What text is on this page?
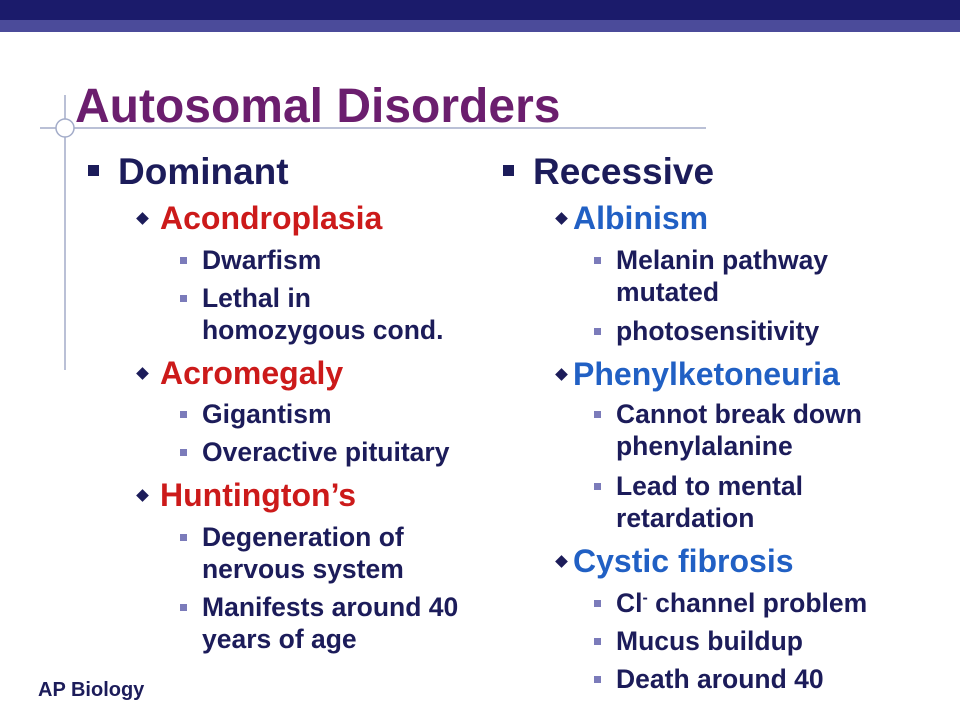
Autosomal Disorders
Dominant
Acondroplasia
Dwarfism
Lethal in homozygous cond.
Acromegaly
Gigantism
Overactive pituitary
Huntington’s
Degeneration of nervous system
Manifests around 40 years of age
Recessive
Albinism
Melanin pathway mutated
photosensitivity
Phenylketoneuria
Cannot break down phenylalanine
Lead to mental retardation
Cystic fibrosis
Cl- channel problem
Mucus buildup
Death around 40
AP Biology
